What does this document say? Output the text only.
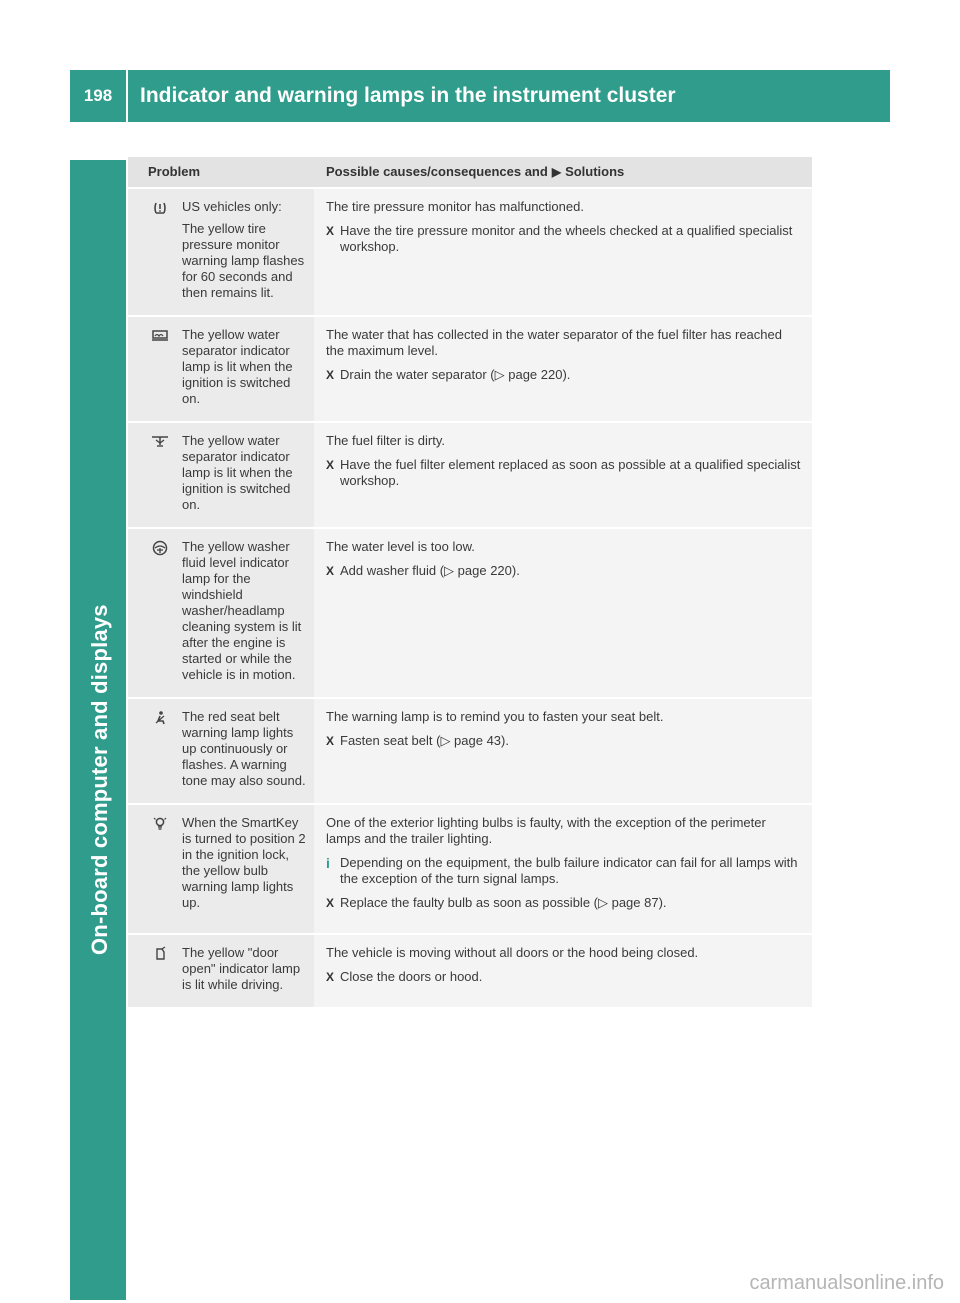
198
On-board computer and displays
Indicator and warning lamps in the instrument cluster
Problem	Possible causes/consequences and ▶ Solutions
US vehicles only:
The yellow tire pressure monitor warning lamp flashes for 60 seconds and then remains lit.

The tire pressure monitor has malfunctioned.

X Have the tire pressure monitor and the wheels checked at a qualified specialist workshop.
The yellow water separator indicator lamp is lit when the ignition is switched on.

The water that has collected in the water separator of the fuel filter has reached the maximum level.

X Drain the water separator (▷ page 220).
The yellow water separator indicator lamp is lit when the ignition is switched on.

The fuel filter is dirty.

X Have the fuel filter element replaced as soon as possible at a qualified specialist workshop.
The yellow washer fluid level indicator lamp for the windshield washer/headlamp cleaning system is lit after the engine is started or while the vehicle is in motion.

The water level is too low.

X Add washer fluid (▷ page 220).
The red seat belt warning lamp lights up continuously or flashes. A warning tone may also sound.

The warning lamp is to remind you to fasten your seat belt.

X Fasten seat belt (▷ page 43).
When the SmartKey is turned to position 2 in the ignition lock, the yellow bulb warning lamp lights up.

One of the exterior lighting bulbs is faulty, with the exception of the perimeter lamps and the trailer lighting.

i Depending on the equipment, the bulb failure indicator can fail for all lamps with the exception of the turn signal lamps.
X Replace the faulty bulb as soon as possible (▷ page 87).
The yellow "door open" indicator lamp is lit while driving.

The vehicle is moving without all doors or the hood being closed.

X Close the doors or hood.
carmanualsonline.info
